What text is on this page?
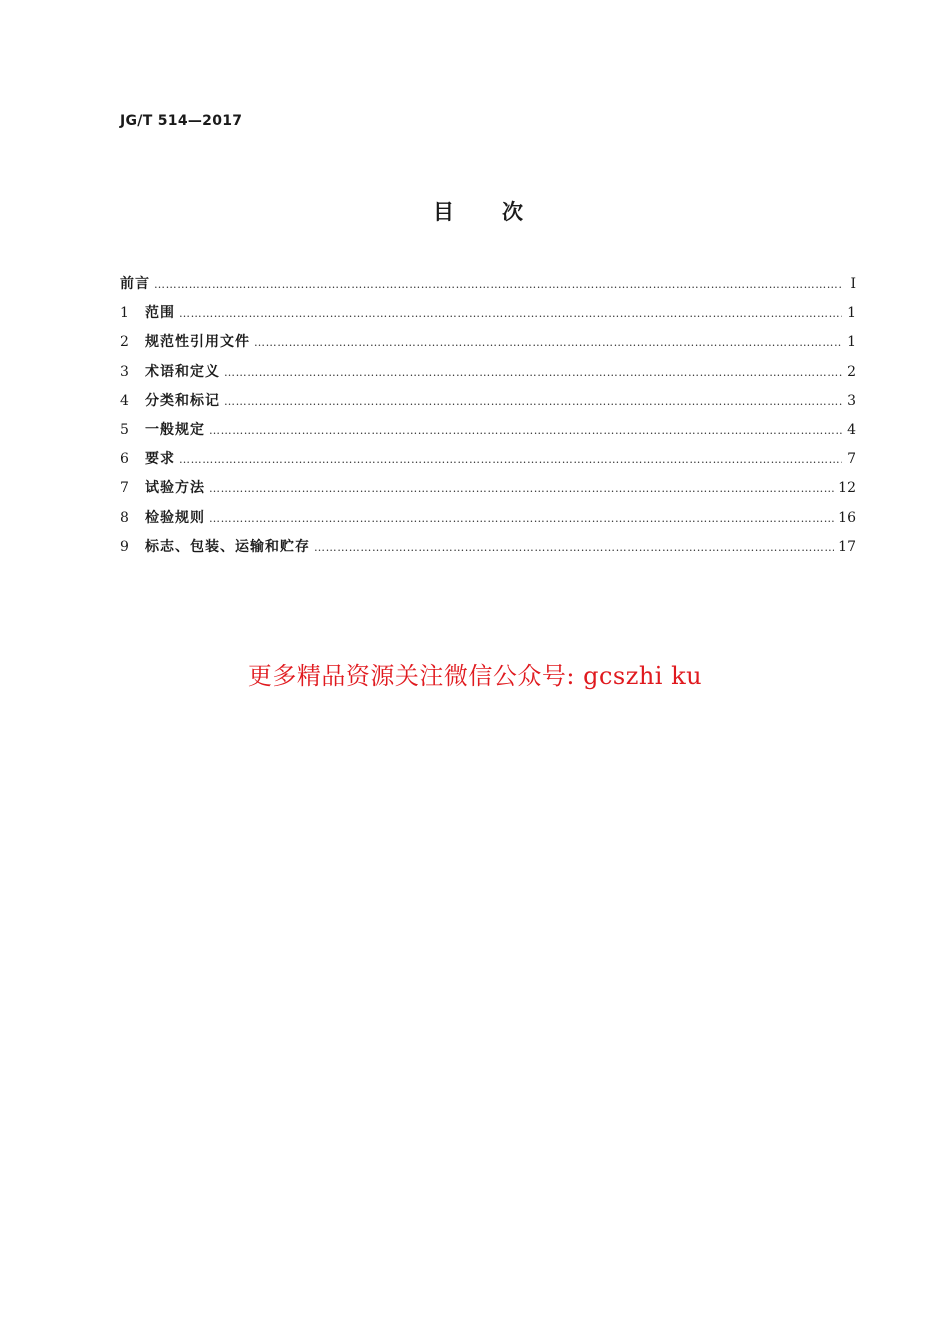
JG/T 514—2017
目次
前言 ………………………………………………………………………………………………………………………………………………………………………………………………………………………………………	Ⅰ
1	范围 ………………………………………………………………………………………………………………………………………………………………………………………………………………………………………	1
2	规范性引用文件 ………………………………………………………………………………………………………………………………………………………………………………………………………………………………………	1
3	术语和定义 ………………………………………………………………………………………………………………………………………………………………………………………………………………………………………	2
4	分类和标记 ………………………………………………………………………………………………………………………………………………………………………………………………………………………………………	3
5	一般规定 ………………………………………………………………………………………………………………………………………………………………………………………………………………………………………	4
6	要求 ………………………………………………………………………………………………………………………………………………………………………………………………………………………………………	7
7	试验方法 ………………………………………………………………………………………………………………………………………………………………………………………………………………………………………	12
8	检验规则 ………………………………………………………………………………………………………………………………………………………………………………………………………………………………………	16
9	标志、包装、运输和贮存 ………………………………………………………………………………………………………………………………………………………………………………………………………………………………………	17
更多精品资源关注微信公众号: gcszhi ku
